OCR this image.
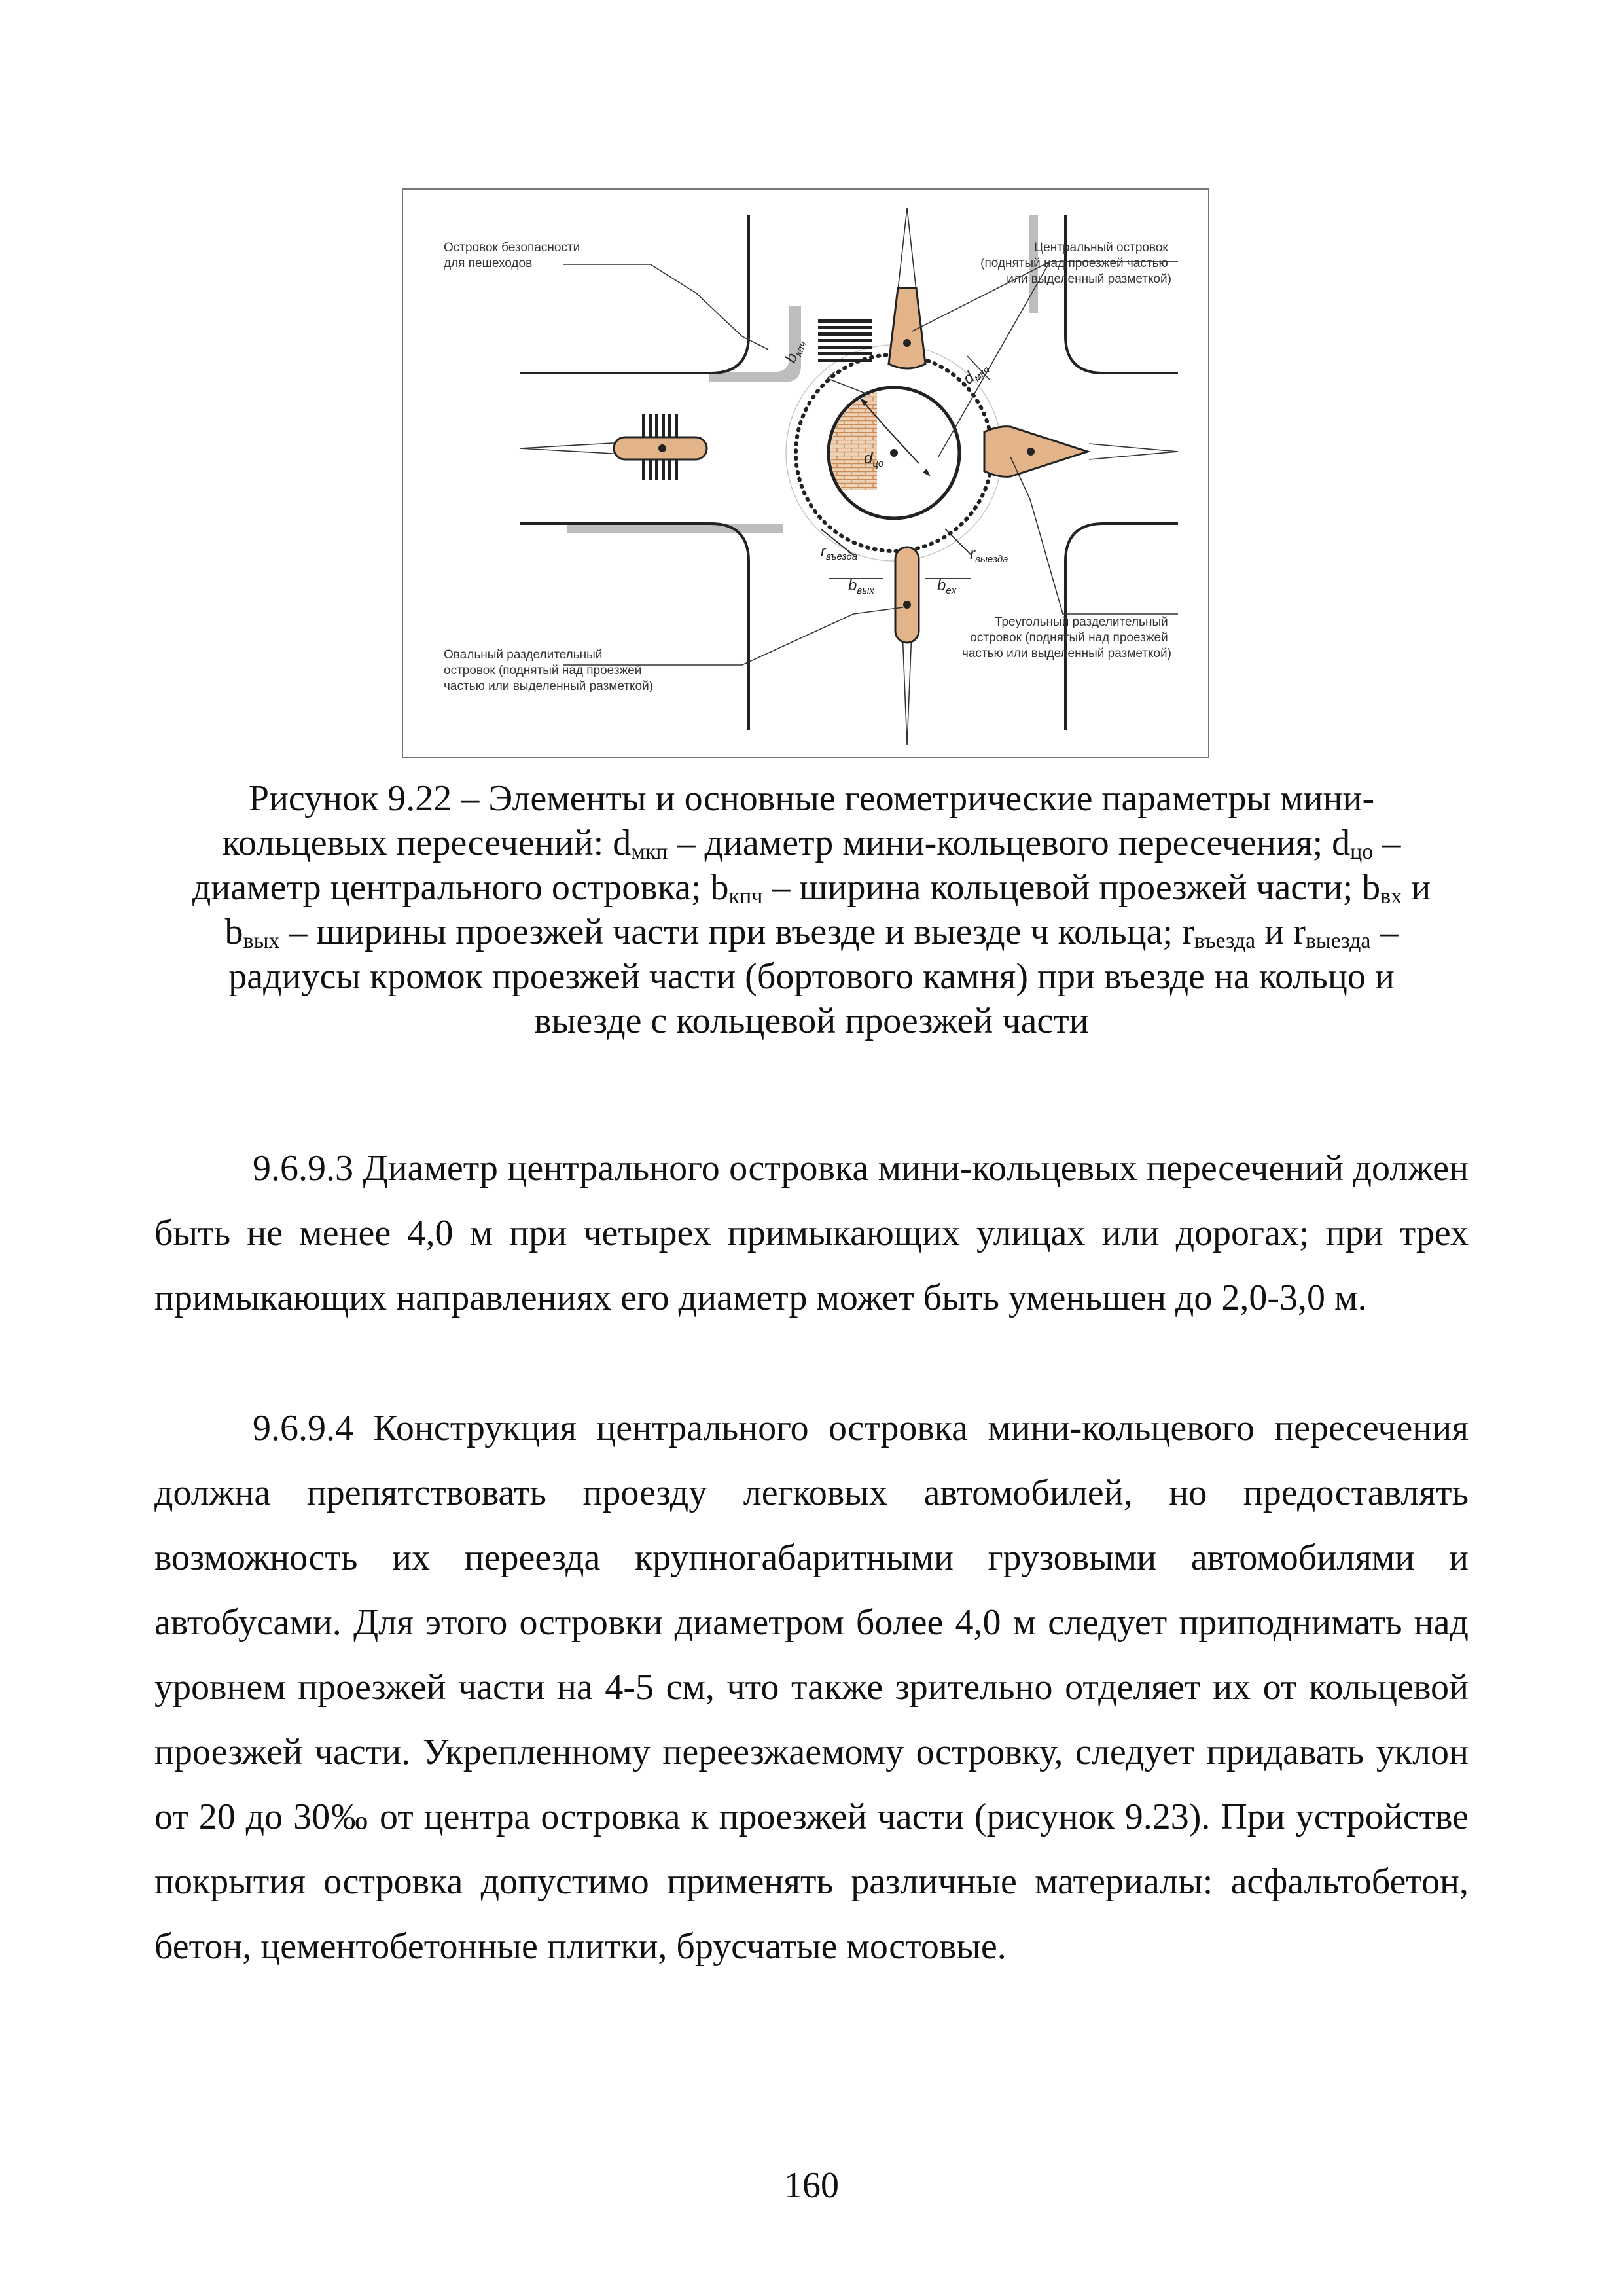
$b_{кпч}$
$d_{мкп}$
$d_{цо}$
$r_{въезда}$	$r_{выезда}$
$b_{вых}$	$b_{ex}$
Островок безопасности для пешеходов
Центральный островок (поднятый над проезжей частью или выделенный разметкой)
Треугольный разделительный островок (поднятый над проезжей частью или выделенный разметкой)
Овальный разделительный островок (поднятый над проезжей частью или выделенный разметкой)
Рисунок 9.22 – Элементы и основные геометрические параметры мини-
кольцевых пересечений: $d_{мкп}$ – диаметр мини-кольцевого пересечения; $d_{цо}$ –
диаметр центрального островка; $b_{кпч}$ – ширина кольцевой проезжей части; $b_{вх}$ и
$b_{вых}$ – ширины проезжей части при въезде и выезде ч кольца; $r_{въезда}$ и $r_{выезда}$ –
радиусы кромок проезжей части (бортового камня) при въезде на кольцо и
выезде с кольцевой проезжей части

9.6.9.3 Диаметр центрального островка мини-кольцевых пересечений должен быть не менее 4,0 м при четырех примыкающих улицах или дорогах; при трех примыкающих направлениях его диаметр может быть уменьшен до 2,0-3,0 м.

9.6.9.4 Конструкция центрального островка мини-кольцевого пересечения должна препятствовать проезду легковых автомобилей, но предоставлять возможность их переезда крупногабаритными грузовыми автомобилями и автобусами. Для этого островки диаметром более 4,0 м следует приподнимать над уровнем проезжей части на 4-5 см, что также зрительно отделяет их от кольцевой проезжей части. Укрепленному переезжаемому островку, следует придавать уклон от 20 до 30‰ от центра островка к проезжей части (рисунок 9.23). При устройстве покрытия островка допустимо применять различные материалы: асфальтобетон, бетон, цементобетонные плитки, брусчатые мостовые.

160
